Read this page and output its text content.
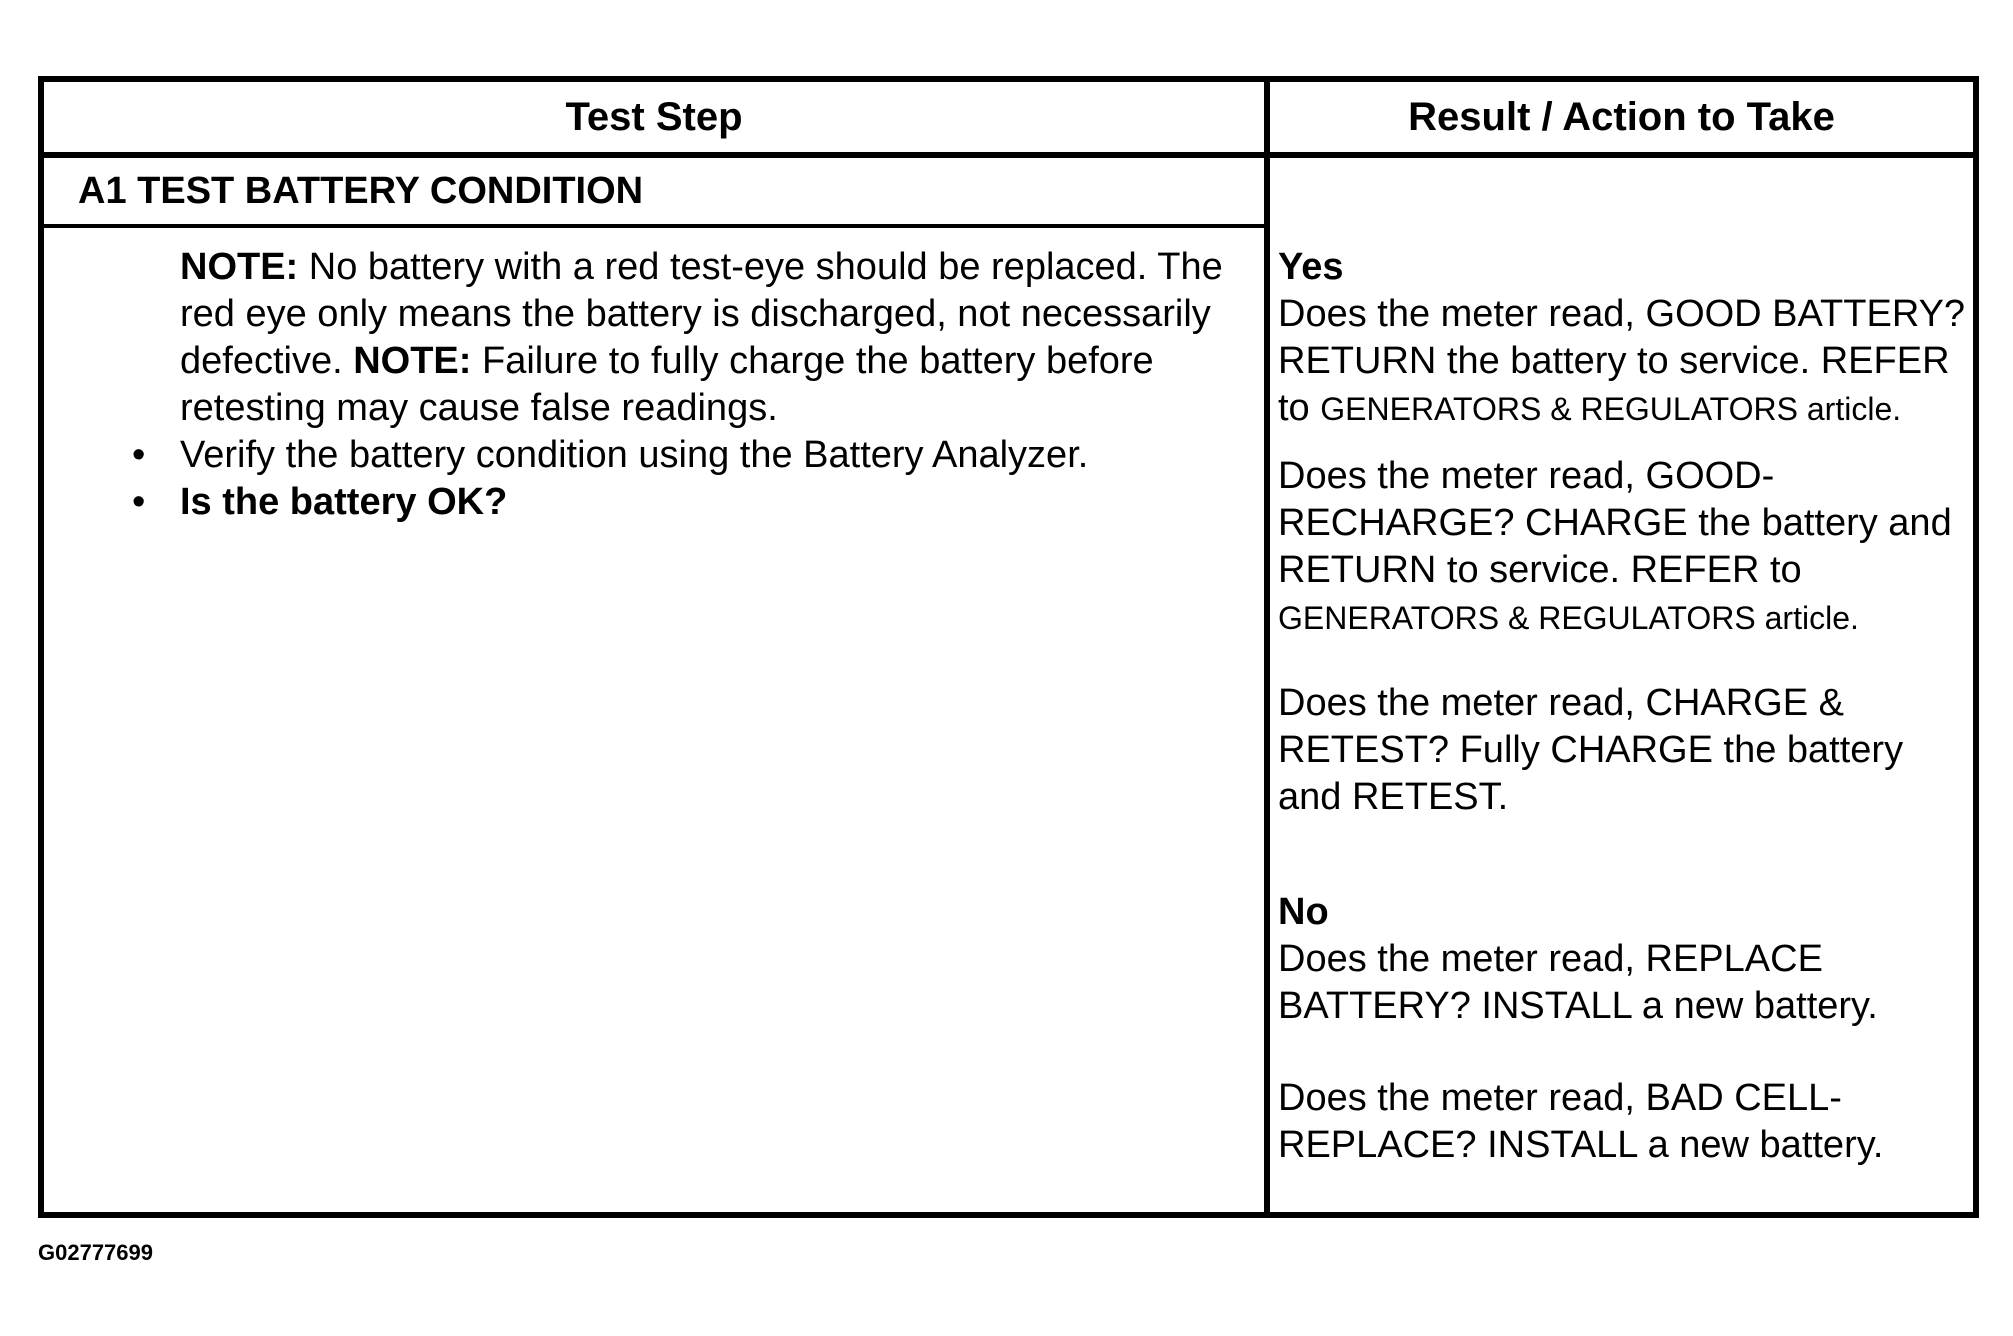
Test Step	Result / Action to Take
A1 TEST BATTERY CONDITION

NOTE: No battery with a red test-eye should be replaced. The red eye only means the battery is discharged, not necessarily defective. NOTE: Failure to fully charge the battery before retesting may cause false readings.

• Verify the battery condition using the Battery Analyzer.
• Is the battery OK?
Yes
Does the meter read, GOOD BATTERY? RETURN the battery to service. REFER to GENERATORS & REGULATORS article.
Does the meter read, GOOD-RECHARGE? CHARGE the battery and RETURN to service. REFER to GENERATORS & REGULATORS article.
Does the meter read, CHARGE & RETEST? Fully CHARGE the battery and RETEST.
No
Does the meter read, REPLACE BATTERY? INSTALL a new battery.
Does the meter read, BAD CELL-REPLACE? INSTALL a new battery.
G02777699
